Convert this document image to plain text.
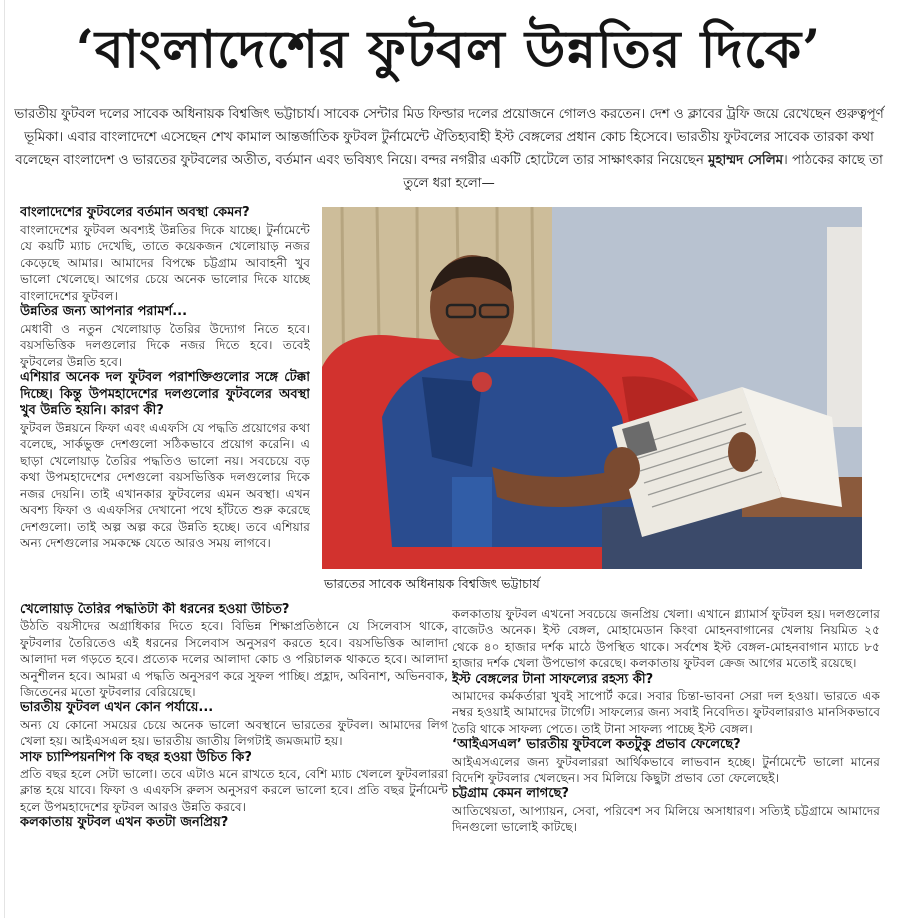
‘বাংলাদেশের ফুটবল উন্নতির দিকে’

ভারতীয় ফুটবল দলের সাবেক অধিনায়ক বিশ্বজিৎ ভট্টাচার্য। সাবেক সেন্টার মিড ফিল্ডার দলের প্রয়োজনে গোলও করতেন। দেশ ও ক্লাবের ট্রফি জয়ে রেখেছেন গুরুত্বপূর্ণ ভূমিকা। এবার বাংলাদেশে এসেছেন শেখ কামাল আন্তর্জাতিক ফুটবল টুর্নামেন্টে ঐতিহ্যবাহী ইস্ট বেঙ্গলের প্রধান কোচ হিসেবে। ভারতীয় ফুটবলের সাবেক তারকা কথা বলেছেন বাংলাদেশ ও ভারতের ফুটবলের অতীত, বর্তমান এবং ভবিষ্যৎ নিয়ে। বন্দর নগরীর একটি হোটেলে তার সাক্ষাৎকার নিয়েছেন মুহাম্মদ সেলিম। পাঠকের কাছে তা তুলে ধরা হলো—

বাংলাদেশের ফুটবলের বর্তমান অবস্থা কেমন?
বাংলাদেশের ফুটবল অবশ্যই উন্নতির দিকে যাচ্ছে। টুর্নামেন্টে যে কয়টি ম্যাচ দেখেছি, তাতে কয়েকজন খেলোয়াড় নজর কেড়েছে আমার। আমাদের বিপক্ষে চট্টগ্রাম আবাহনী খুব ভালো খেলেছে। আগের চেয়ে অনেক ভালোর দিকে যাচ্ছে বাংলাদেশের ফুটবল।
উন্নতির জন্য আপনার পরামর্শ...
মেধাবী ও নতুন খেলোয়াড় তৈরির উদ্যোগ নিতে হবে। বয়সভিত্তিক দলগুলোর দিকে নজর দিতে হবে। তবেই ফুটবলের উন্নতি হবে।
এশিয়ার অনেক দল ফুটবল পরাশক্তিগুলোর সঙ্গে টেক্কা দিচ্ছে। কিন্তু উপমহাদেশের দলগুলোর ফুটবলের অবস্থা খুব উন্নতি হয়নি। কারণ কী?
ফুটবল উন্নয়নে ফিফা এবং এএফসি যে পদ্ধতি প্রয়োগের কথা বলেছে, সার্কভুক্ত দেশগুলো সঠিকভাবে প্রয়োগ করেনি। এ ছাড়া খেলোয়াড় তৈরির পদ্ধতিও ভালো নয়। সবচেয়ে বড় কথা উপমহাদেশের দেশগুলো বয়সভিত্তিক দলগুলোর দিকে নজর দেয়নি। তাই এখানকার ফুটবলের এমন অবস্থা। এখন অবশ্য ফিফা ও এএফসির দেখানো পথে হাঁটতে শুরু করেছে দেশগুলো। তাই অল্প অল্প করে উন্নতি হচ্ছে। তবে এশিয়ার অন্য দেশগুলোর সমকক্ষে যেতে আরও সময় লাগবে।
ভারতের সাবেক অধিনায়ক বিশ্বজিৎ ভট্টাচার্য
খেলোয়াড় তৈরির পদ্ধতিটা কী ধরনের হওয়া উচিত?
উঠতি বয়সীদের অগ্রাধিকার দিতে হবে। বিভিন্ন শিক্ষাপ্রতিষ্ঠানে যে সিলেবাস থাকে, ফুটবলার তৈরিতেও এই ধরনের সিলেবাস অনুসরণ করতে হবে। বয়সভিত্তিক আলাদা আলাদা দল গড়তে হবে। প্রত্যেক দলের আলাদা কোচ ও পরিচালক থাকতে হবে। আলাদা অনুশীলন হবে। আমরা এ পদ্ধতি অনুসরণ করে সুফল পাচ্ছি। প্রহ্লাদ, অবিনাশ, অভিনবাক, জিতেনের মতো ফুটবলার বেরিয়েছে।
ভারতীয় ফুটবল এখন কোন পর্যায়ে...
অন্য যে কোনো সময়ের চেয়ে অনেক ভালো অবস্থানে ভারতের ফুটবল। আমাদের লিগ খেলা হয়। আইএসএল হয়। ভারতীয় জাতীয় লিগটাই জমজমাট হয়।
সাফ চ্যাম্পিয়নশিপ কি বছর হওয়া উচিত কি?
প্রতি বছর হলে সেটা ভালো। তবে এটাও মনে রাখতে হবে, বেশি ম্যাচ খেললে ফুটবলাররা ক্লান্ত হয়ে যাবে। ফিফা ও এএফসি রুলস অনুসরণ করলে ভালো হবে। প্রতি বছর টুর্নামেন্ট হলে উপমহাদেশের ফুটবল আরও উন্নতি করবে।
কলকাতায় ফুটবল এখন কতটা জনপ্রিয়?
কলকাতায় ফুটবল এখনো সবচেয়ে জনপ্রিয় খেলা। এখানে গ্ল্যামার্স ফুটবল হয়। দলগুলোর বাজেটও অনেক। ইস্ট বেঙ্গল, মোহামেডান কিংবা মোহনবাগানের খেলায় নিয়মিত ২৫ থেকে ৪০ হাজার দর্শক মাঠে উপস্থিত থাকে। সর্বশেষ ইস্ট বেঙ্গল-মোহনবাগান ম্যাচে ৮৫ হাজার দর্শক খেলা উপভোগ করেছে। কলকাতায় ফুটবল ক্রেজ আগের মতোই রয়েছে।
ইস্ট বেঙ্গলের টানা সাফল্যের রহস্য কী?
আমাদের কর্মকর্তারা খুবই সাপোর্ট করে। সবার চিন্তা-ভাবনা সেরা দল হওয়া। ভারতে এক নম্বর হওয়াই আমাদের টার্গেট। সাফল্যের জন্য সবাই নিবেদিত। ফুটবলাররাও মানসিকভাবে তৈরি থাকে সাফল্য পেতে। তাই টানা সাফল্য পাচ্ছে ইস্ট বেঙ্গল।
‘আইএসএল’ ভারতীয় ফুটবলে কতটুকু প্রভাব ফেলেছে?
আইএসএলের জন্য ফুটবলাররা আর্থিকভাবে লাভবান হচ্ছে। টুর্নামেন্টে ভালো মানের বিদেশি ফুটবলার খেলছেন। সব মিলিয়ে কিছুটা প্রভাব তো ফেলেছেই।
চট্টগ্রাম কেমন লাগছে?
আতিথেয়তা, আপ্যায়ন, সেবা, পরিবেশ সব মিলিয়ে অসাধারণ। সত্যিই চট্টগ্রামে আমাদের দিনগুলো ভালোই কাটছে।
